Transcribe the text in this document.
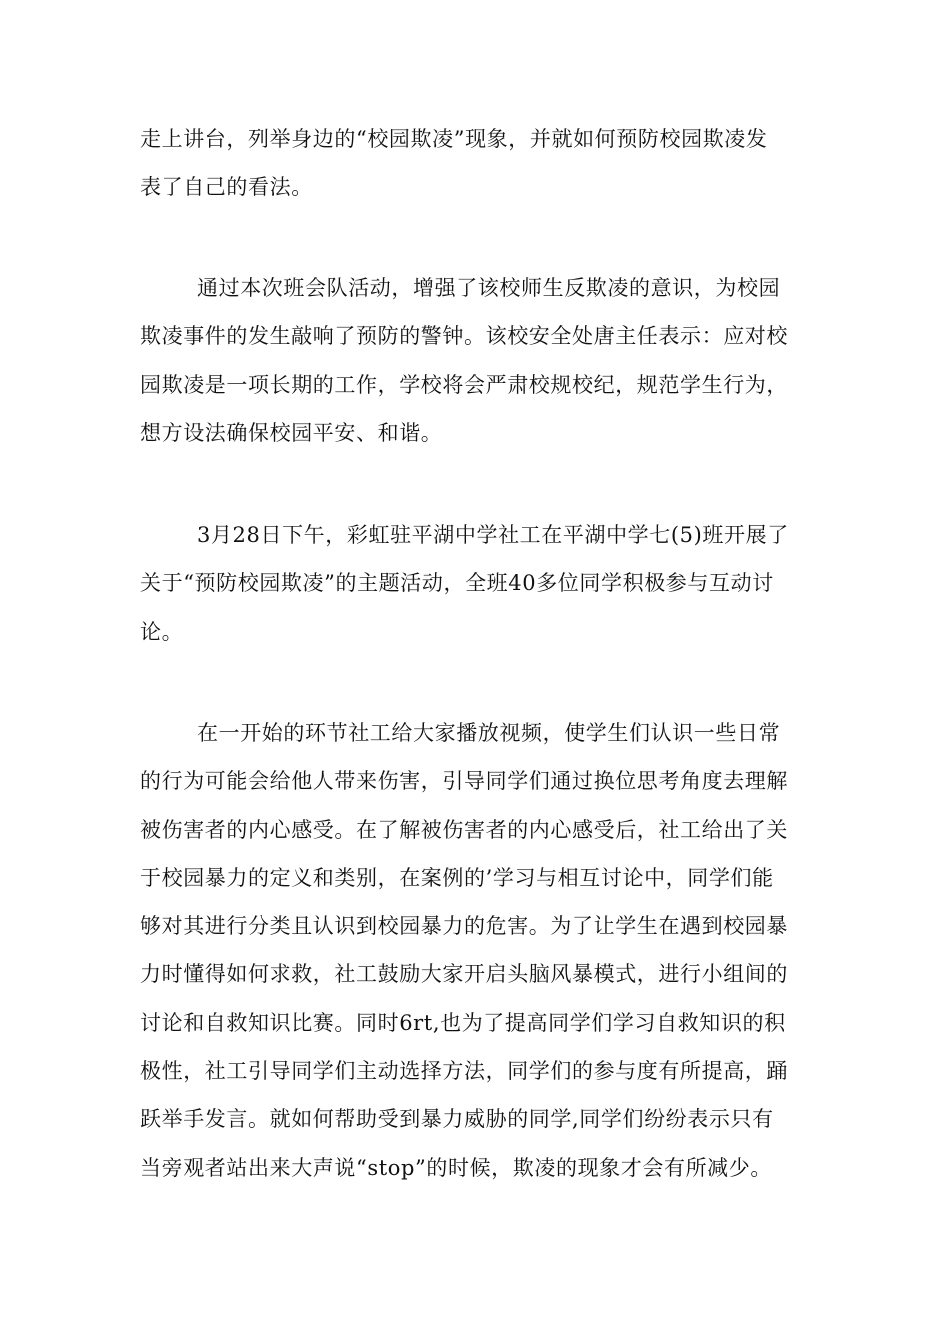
走上讲台，列举身边的“校园欺凌”现象，并就如何预防校园欺凌发
表了自己的看法。

通过本次班会队活动，增强了该校师生反欺凌的意识，为校园
欺凌事件的发生敲响了预防的警钟。该校安全处唐主任表示：应对校
园欺凌是一项长期的工作，学校将会严肃校规校纪，规范学生行为，
想方设法确保校园平安、和谐。

3月28日下午，彩虹驻平湖中学社工在平湖中学七(5)班开展了
关于“预防校园欺凌”的主题活动，全班40多位同学积极参与互动讨
论。

在一开始的环节社工给大家播放视频，使学生们认识一些日常
的行为可能会给他人带来伤害，引导同学们通过换位思考角度去理解
被伤害者的内心感受。在了解被伤害者的内心感受后，社工给出了关
于校园暴力的定义和类别，在案例的’学习与相互讨论中，同学们能
够对其进行分类且认识到校园暴力的危害。为了让学生在遇到校园暴
力时懂得如何求救，社工鼓励大家开启头脑风暴模式，进行小组间的
讨论和自救知识比赛。同时6rt,也为了提高同学们学习自救知识的积
极性，社工引导同学们主动选择方法，同学们的参与度有所提高，踊
跃举手发言。就如何帮助受到暴力威胁的同学,同学们纷纷表示只有
当旁观者站出来大声说“stop”的时候，欺凌的现象才会有所减少。
